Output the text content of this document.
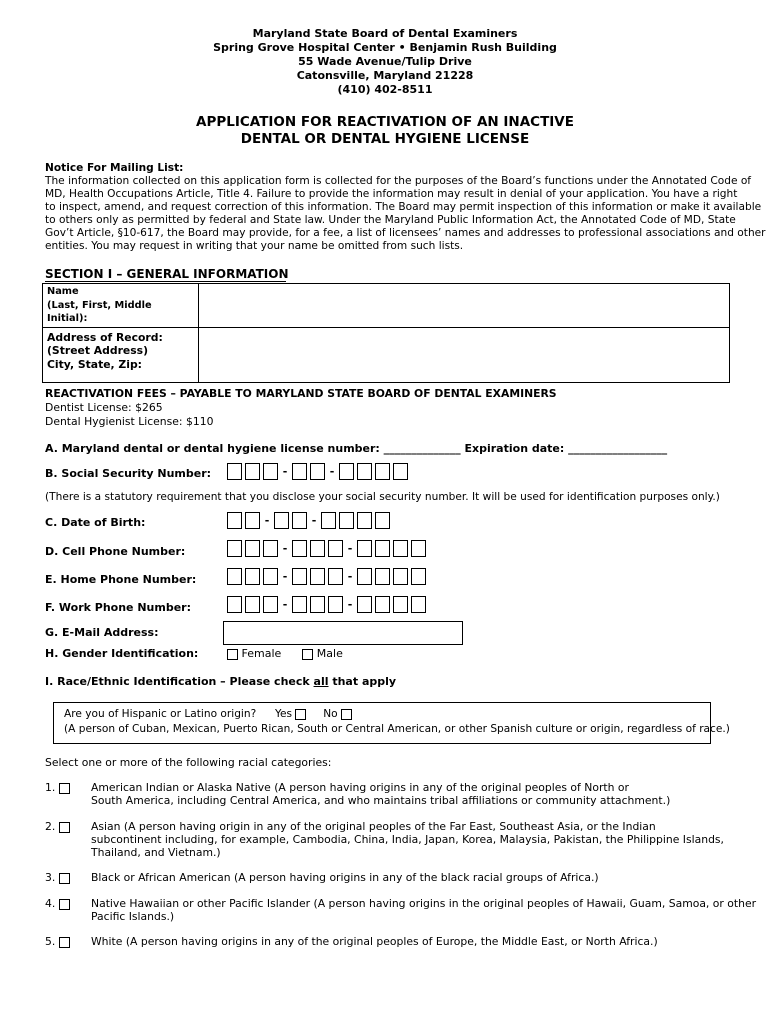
Maryland State Board of Dental Examiners
Spring Grove Hospital Center • Benjamin Rush Building
55 Wade Avenue/Tulip Drive
Catonsville, Maryland 21228
(410) 402-8511
APPLICATION FOR REACTIVATION OF AN INACTIVE
DENTAL OR DENTAL HYGIENE LICENSE

Notice For Mailing List:

The information collected on this application form is collected for the purposes of the Board’s functions under the Annotated Code of

MD, Health Occupations Article, Title 4. Failure to provide the information may result in denial of your application. You have a right

to inspect, amend, and request correction of this information. The Board may permit inspection of this information or make it available

to others only as permitted by federal and State law. Under the Maryland Public Information Act, the Annotated Code of MD, State

Gov’t Article, §10-617, the Board may provide, for a fee, a list of licensees’ names and addresses to professional associations and other

entities. You may request in writing that your name be omitted from such lists.

SECTION I – GENERAL INFORMATION
Name
(Last, First, Middle Initial):	

Address of Record:
(Street Address)
City, State, Zip:	

REACTIVATION FEES – PAYABLE TO MARYLAND STATE BOARD OF DENTAL EXAMINERS
Dentist License: $265
Dental Hygienist License: $110
A. Maryland dental or dental hygiene license number: ______________ Expiration date: __________________
B. Social Security Number:	-	-
(There is a statutory requirement that you disclose your social security number. It will be used for identification purposes only.)
C. Date of Birth:	-	-
D. Cell Phone Number:	-	-
E. Home Phone Number:	-	-
F. Work Phone Number:	-	-
G. E-Mail Address:
H. Gender Identification:	Female	Male
I. Race/Ethnic Identification – Please check all that apply
Are you of Hispanic or Latino origin? Yes	No
(A person of Cuban, Mexican, Puerto Rican, South or Central American, or other Spanish culture or origin, regardless of race.)
Select one or more of the following racial categories:
1.	American Indian or Alaska Native (A person having origins in any of the original peoples of North or
South America, including Central America, and who maintains tribal affiliations or community attachment.)
2.	Asian (A person having origin in any of the original peoples of the Far East, Southeast Asia, or the Indian
subcontinent including, for example, Cambodia, China, India, Japan, Korea, Malaysia, Pakistan, the Philippine Islands,
Thailand, and Vietnam.)
3.	Black or African American (A person having origins in any of the black racial groups of Africa.)
4.	Native Hawaiian or other Pacific Islander (A person having origins in the original peoples of Hawaii, Guam, Samoa, or other
Pacific Islands.)
5.	White (A person having origins in any of the original peoples of Europe, the Middle East, or North Africa.)
